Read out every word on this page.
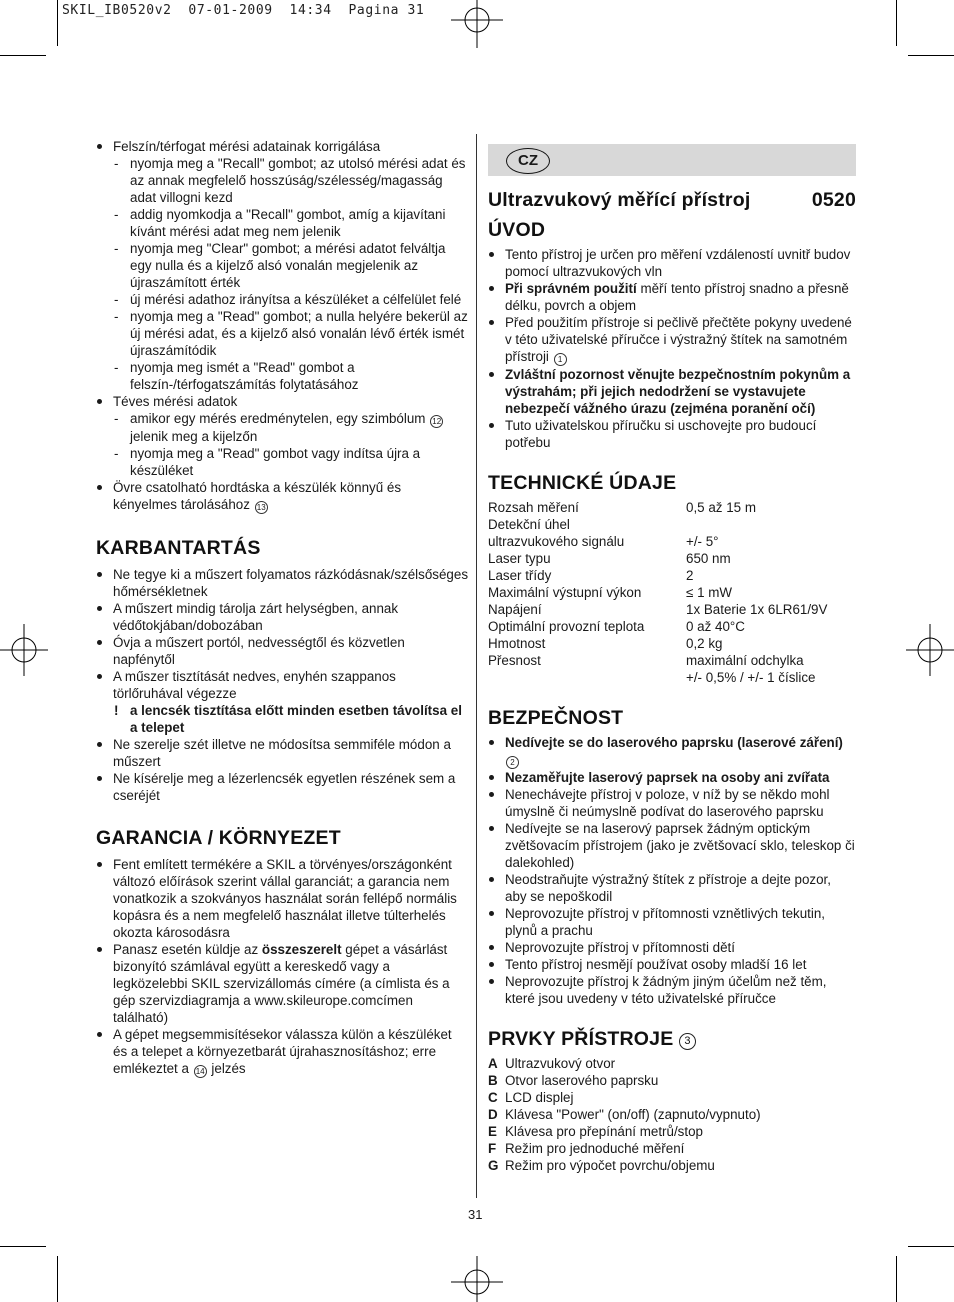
SKIL_IB0520v2  07-01-2009  14:34  Pagina 31
Felszín/térfogat mérési adatainak korrigálása
- nyomja meg a "Recall" gombot; az utolsó mérési adat és az annak megfelelő hosszúság/szélesség/magasság adat villogni kezd
- addig nyomkodja a "Recall" gombot, amíg a kijavítani kívánt mérési adat meg nem jelenik
- nyomja meg "Clear" gombot; a mérési adatot felváltja egy nulla és a kijelző alsó vonalán megjelenik az újraszámított érték
- új mérési adathoz irányítsa a készüléket a célfelület felé
- nyomja meg a "Read" gombot; a nulla helyére bekerül az új mérési adat, és a kijelző alsó vonalán lévő érték ismét újraszámítódik
- nyomja meg ismét a "Read" gombot a felszín-/térfogatszámítás folytatásához
Téves mérési adatok
- amikor egy mérés eredménytelen, egy szimbólum 12 jelenik meg a kijelzőn
- nyomja meg a "Read" gombot vagy indítsa újra a készüléket
Övre csatolható hordtáska a készülék könnyű és kényelmes tárolásához 13
KARBANTARTÁS
Ne tegye ki a műszert folyamatos rázkódásnak/szélsőséges hőmérsékletnek
A műszert mindig tárolja zárt helységben, annak védőtokjában/dobozában
Óvja a műszert portól, nedvességtől és közvetlen napfénytől
A műszer tisztítását nedves, enyhén szappanos törlőruhával végezze
! a lencsék tisztítása előtt minden esetben távolítsa el a telepet
Ne szerelje szét illetve ne módosítsa semmiféle módon a műszert
Ne kísérelje meg a lézerlencsék egyetlen részének sem a cseréjét
GARANCIA / KÖRNYEZET
Fent említett termékére a SKIL a törvényes/országonként változó előírások szerint vállal garanciát; a garancia nem vonatkozik a szokványos használat során fellépő normális kopásra és a nem megfelelő használat illetve túlterhelés okozta károsodásra
Panasz esetén küldje az összeszerelt gépet a vásárlást bizonyító számlával együtt a kereskedő vagy a legközelebbi SKIL szervizállomás címére (a címlista és a gép szervizdiagramja a www.skileurope.comcímen található)
A gépet megsemmisítésekor válassza külön a készüléket és a telepet a környezetbarát újrahasznosításhoz; erre emlékeztet a 14 jelzés
CZ
Ultrazvukový měřící přístroj	0520
ÚVOD
Tento přístroj je určen pro měření vzdáleností uvnitř budov pomocí ultrazvukových vln
Při správném použití měří tento přístroj snadno a přesně délku, povrch a objem
Před použitím přístroje si pečlivě přečtěte pokyny uvedené v této uživatelské příručce i výstražný štítek na samotném přístroji 1
Zvláštní pozornost věnujte bezpečnostním pokynům a výstrahám; při jejich nedodržení se vystavujete nebezpečí vážného úrazu (zejména poranění očí)
Tuto uživatelskou příručku si uschovejte pro budoucí potřebu
TECHNICKÉ ÚDAJE
Rozsah měření	0,5 až 15 m
Detekční úhel	
ultrazvukového signálu	+/- 5°
Laser typu	650 nm
Laser třídy	2
Maximální výstupní výkon	≤ 1 mW
Napájení	1x Baterie 1x 6LR61/9V
Optimální provozní teplota	0 až 40°C
Hmotnost	0,2 kg
Přesnost	maximální odchylka
	+/- 0,5% / +/- 1 číslice
BEZPEČNOST
Nedívejte se do laserového paprsku (laserové záření) 2
Nezaměřujte laserový paprsek na osoby ani zvířata
Nenechávejte přístroj v poloze, v níž by se někdo mohl úmyslně či neúmyslně podívat do laserového paprsku
Nedívejte se na laserový paprsek žádným optickým zvětšovacím přístrojem (jako je zvětšovací sklo, teleskop či dalekohled)
Neodstraňujte výstražný štítek z přístroje a dejte pozor, aby se nepoškodil
Neprovozujte přístroj v přítomnosti vznětlivých tekutin, plynů a prachu
Neprovozujte přístroj v přítomnosti dětí
Tento přístroj nesmějí používat osoby mladší 16 let
Neprovozujte přístroj k žádným jiným účelům než těm, které jsou uvedeny v této uživatelské příručce
PRVKY PŘÍSTROJE 3
A Ultrazvukový otvor
B Otvor laserového paprsku
C LCD displej
D Klávesa "Power" (on/off) (zapnuto/vypnuto)
E Klávesa pro přepínání metrů/stop
F Režim pro jednoduché měření
G Režim pro výpočet povrchu/objemu
31
